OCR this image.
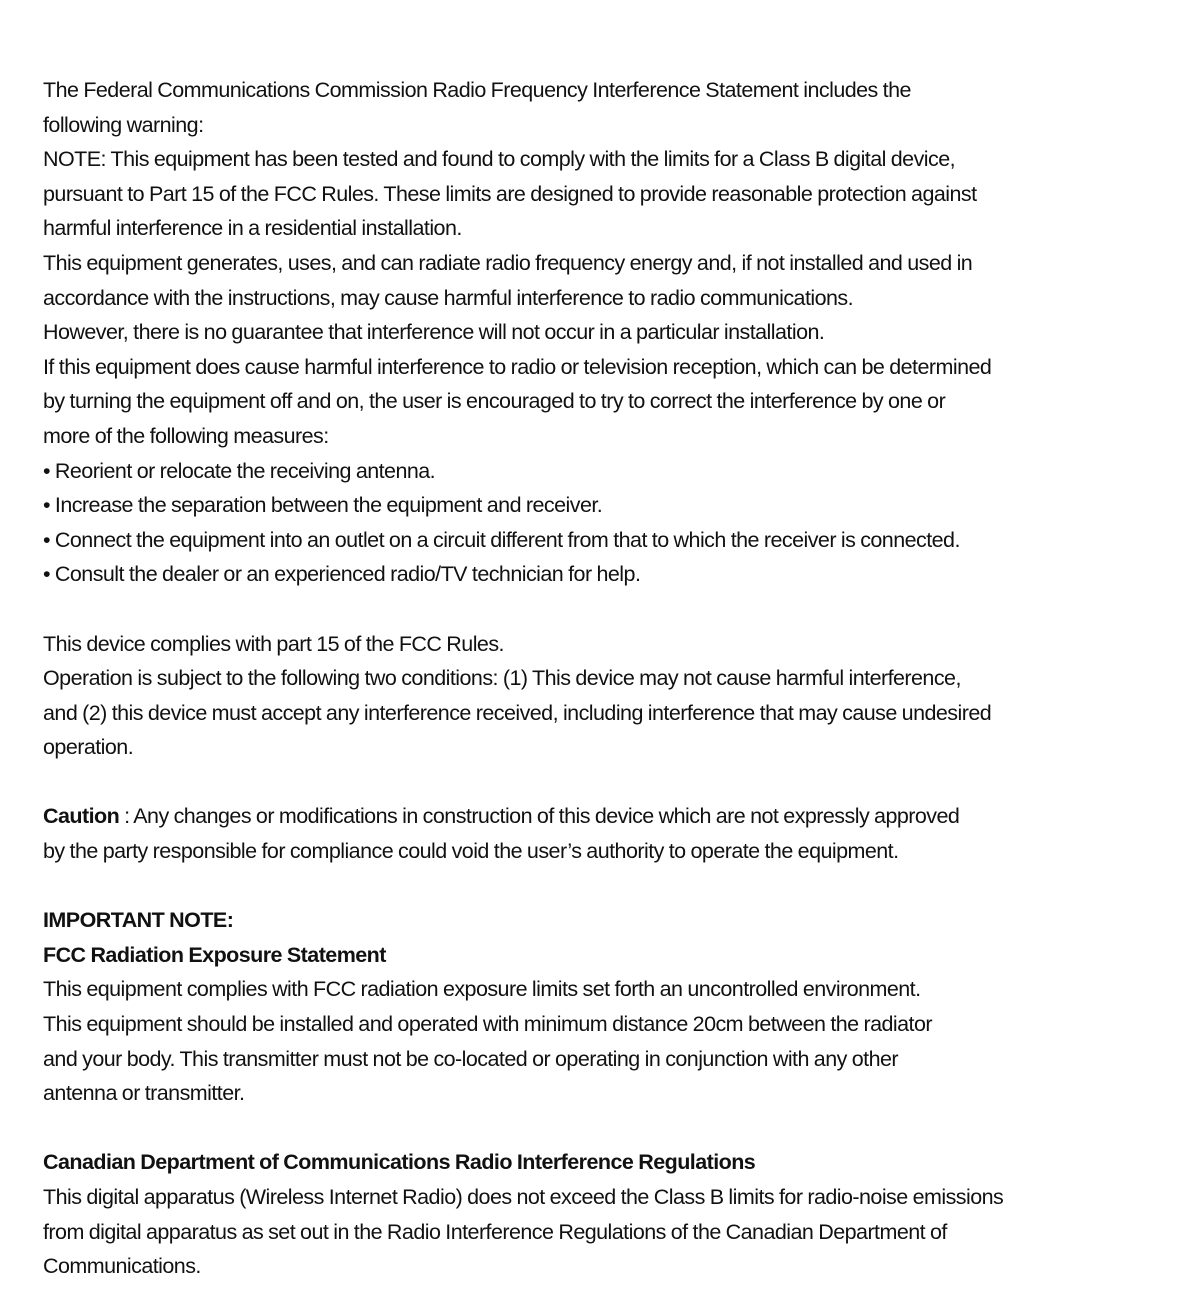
The Federal Communications Commission Radio Frequency Interference Statement includes the
following warning:
NOTE: This equipment has been tested and found to comply with the limits for a Class B digital device,
pursuant to Part 15 of the FCC Rules. These limits are designed to provide reasonable protection against
harmful interference in a residential installation.
This equipment generates, uses, and can radiate radio frequency energy and, if not installed and used in
accordance with the instructions, may cause harmful interference to radio communications.
However, there is no guarantee that interference will not occur in a particular installation.
If this equipment does cause harmful interference to radio or television reception, which can be determined
by turning the equipment off and on, the user is encouraged to try to correct the interference by one or
more of the following measures:
• Reorient or relocate the receiving antenna.
• Increase the separation between the equipment and receiver.
• Connect the equipment into an outlet on a circuit different from that to which the receiver is connected.
• Consult the dealer or an experienced radio/TV technician for help.
This device complies with part 15 of the FCC Rules.
Operation is subject to the following two conditions: (1) This device may not cause harmful interference,
and (2) this device must accept any interference received, including interference that may cause undesired
operation.
Caution : Any changes or modifications in construction of this device which are not expressly approved
by the party responsible for compliance could void the user’s authority to operate the equipment.
IMPORTANT NOTE:
FCC Radiation Exposure Statement
This equipment complies with FCC radiation exposure limits set forth an uncontrolled environment.
This equipment should be installed and operated with minimum distance 20cm between the radiator
and your body. This transmitter must not be co-located or operating in conjunction with any other
antenna or transmitter.
Canadian Department of Communications Radio Interference Regulations
This digital apparatus (Wireless Internet Radio) does not exceed the Class B limits for radio-noise emissions
from digital apparatus as set out in the Radio Interference Regulations of the Canadian Department of
Communications.
